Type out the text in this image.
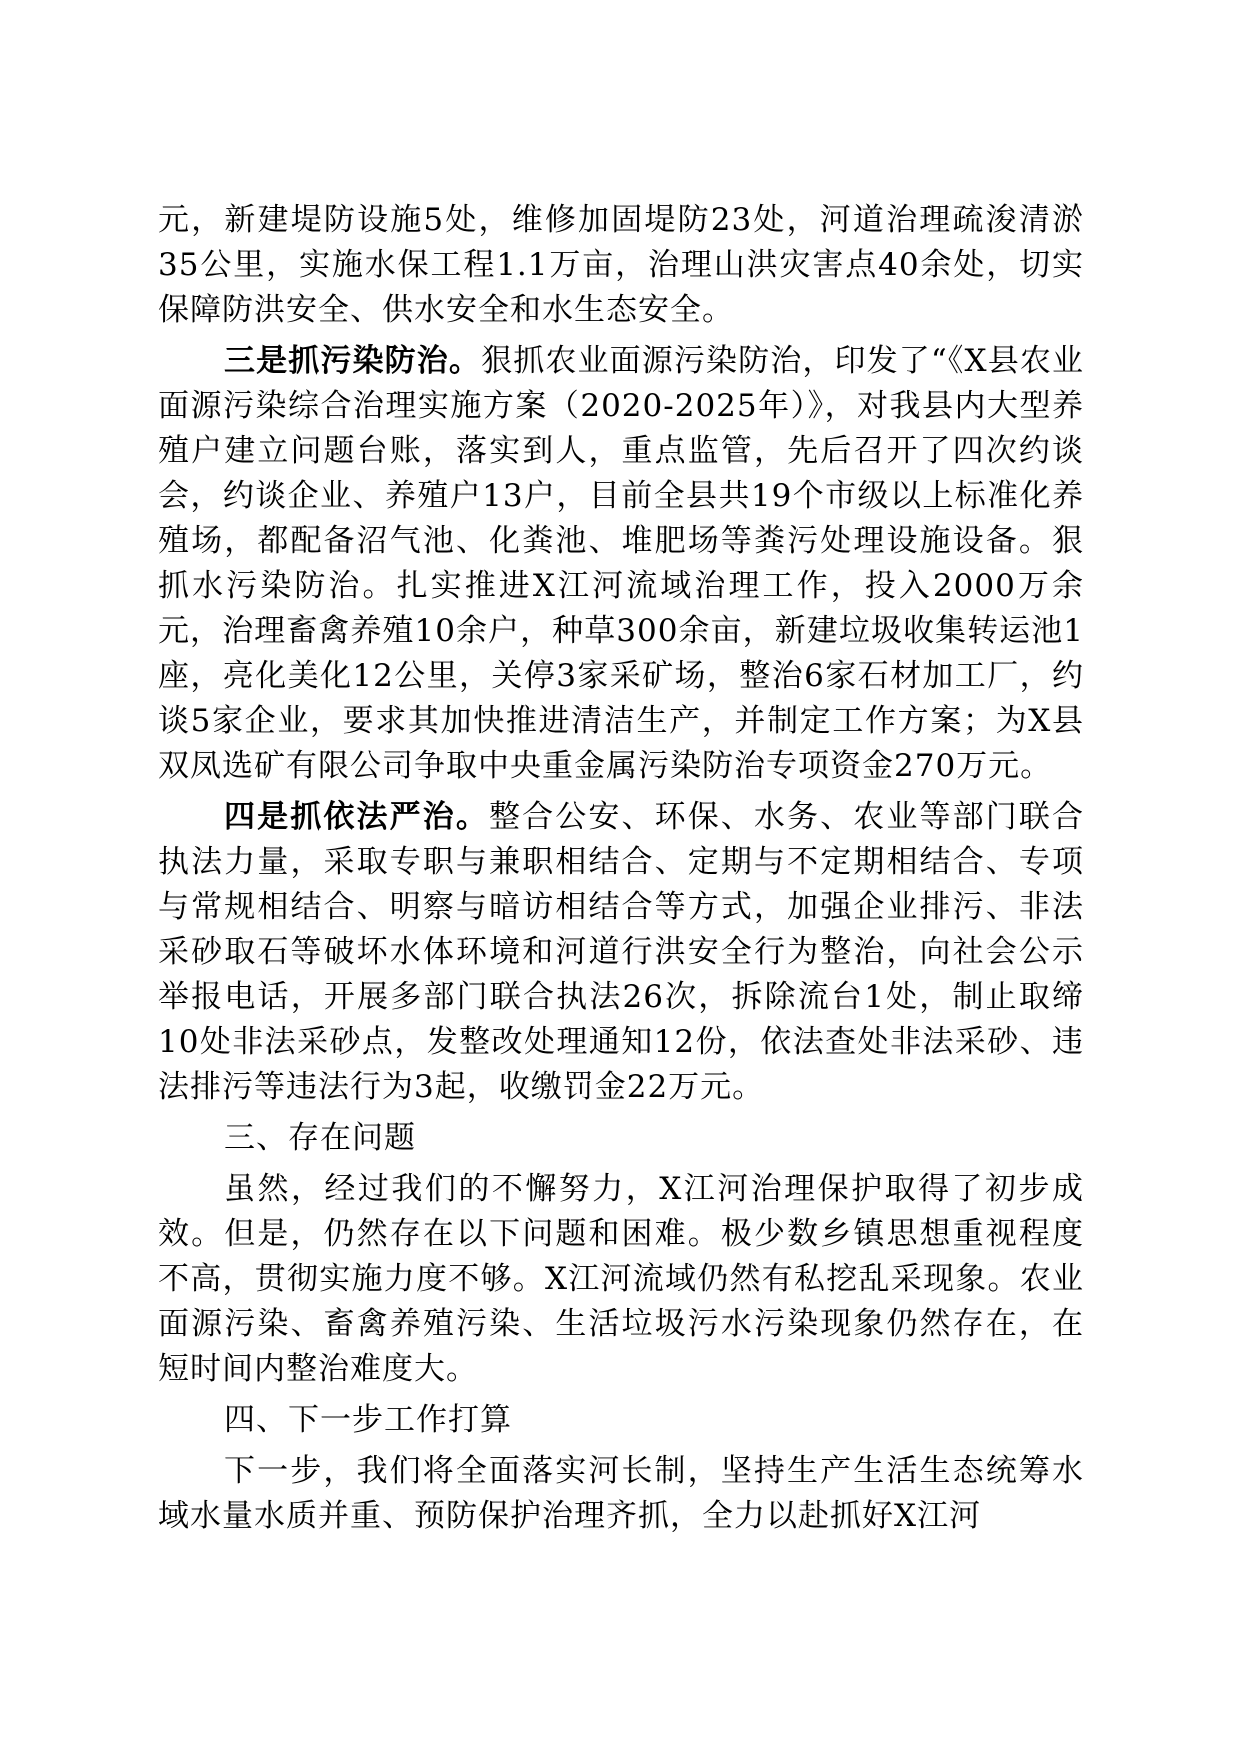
元，新建堤防设施5处，维修加固堤防23处，河道治理疏浚清淤35公里，实施水保工程1.1万亩，治理山洪灾害点40余处，切实保障防洪安全、供水安全和水生态安全。

三是抓污染防治。狠抓农业面源污染防治，印发了“《X县农业面源污染综合治理实施方案（2020-2025年）》，对我县内大型养殖户建立问题台账，落实到人，重点监管，先后召开了四次约谈会，约谈企业、养殖户13户，目前全县共19个市级以上标准化养殖场，都配备沼气池、化粪池、堆肥场等粪污处理设施设备。狠抓水污染防治。扎实推进X江河流域治理工作，投入2000万余元，治理畜禽养殖10余户，种草300余亩，新建垃圾收集转运池1座，亮化美化12公里，关停3家采矿场，整治6家石材加工厂，约谈5家企业，要求其加快推进清洁生产，并制定工作方案；为X县双凤选矿有限公司争取中央重金属污染防治专项资金270万元。

四是抓依法严治。整合公安、环保、水务、农业等部门联合执法力量，采取专职与兼职相结合、定期与不定期相结合、专项与常规相结合、明察与暗访相结合等方式，加强企业排污、非法采砂取石等破坏水体环境和河道行洪安全行为整治，向社会公示举报电话，开展多部门联合执法26次，拆除流台1处，制止取缔10处非法采砂点，发整改处理通知12份，依法查处非法采砂、违法排污等违法行为3起，收缴罚金22万元。

三、存在问题

虽然，经过我们的不懈努力，X江河治理保护取得了初步成效。但是，仍然存在以下问题和困难。极少数乡镇思想重视程度不高，贯彻实施力度不够。X江河流域仍然有私挖乱采现象。农业面源污染、畜禽养殖污染、生活垃圾污水污染现象仍然存在，在短时间内整治难度大。

四、下一步工作打算

下一步，我们将全面落实河长制，坚持生产生活生态统筹水域水量水质并重、预防保护治理齐抓，全力以赴抓好X江河
